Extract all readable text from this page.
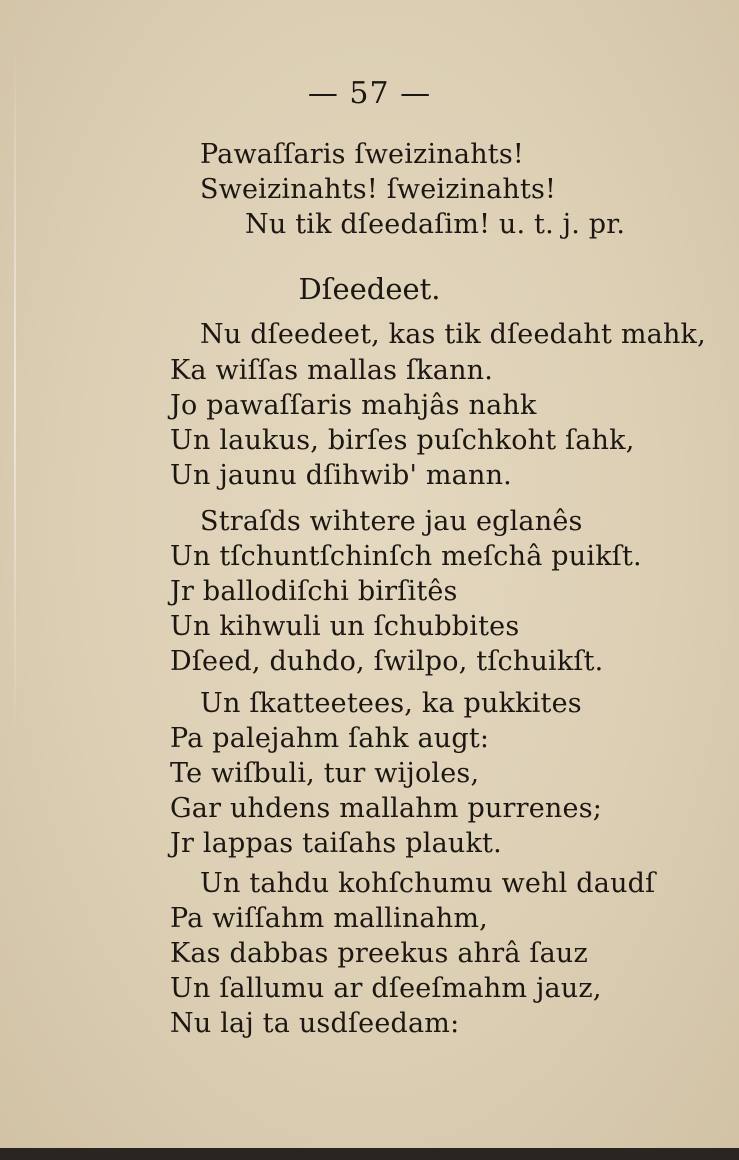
— 57 —
Pawaſſaris ſweizinahts!
Sweizinahts! ſweizinahts!
Nu tik dſeedaſim! u. t. j. pr.
Dſeedeet.
Nu dſeedeet, kas tik dſeedaht mahk,
Ka wiſſas mallas ſkann.
Jo pawaſſaris mahjâs nahk
Un laukus, birſes puſchkoht ſahk,
Un jaunu dſihwib' mann.
Straſds wihtere jau eglanês
Un tſchuntſchinſch meſchâ puikſt.
Jr ballodiſchi birſitês
Un kihwuli un ſchubbites
Dſeed, duhdo, ſwilpo, tſchuikſt.
Un ſkatteetees, ka pukkites
Pa palejahm ſahk augt:
Te wiſbuli, tur wijoles,
Gar uhdens mallahm purrenes;
Jr lappas taiſahs plaukt.
Un tahdu kohſchumu wehl daudſ
Pa wiſſahm mallinahm,
Kas dabbas preekus ahrâ ſauz
Un ſallumu ar dſeeſmahm jauz,
Nu laj ta usdſeedam:
